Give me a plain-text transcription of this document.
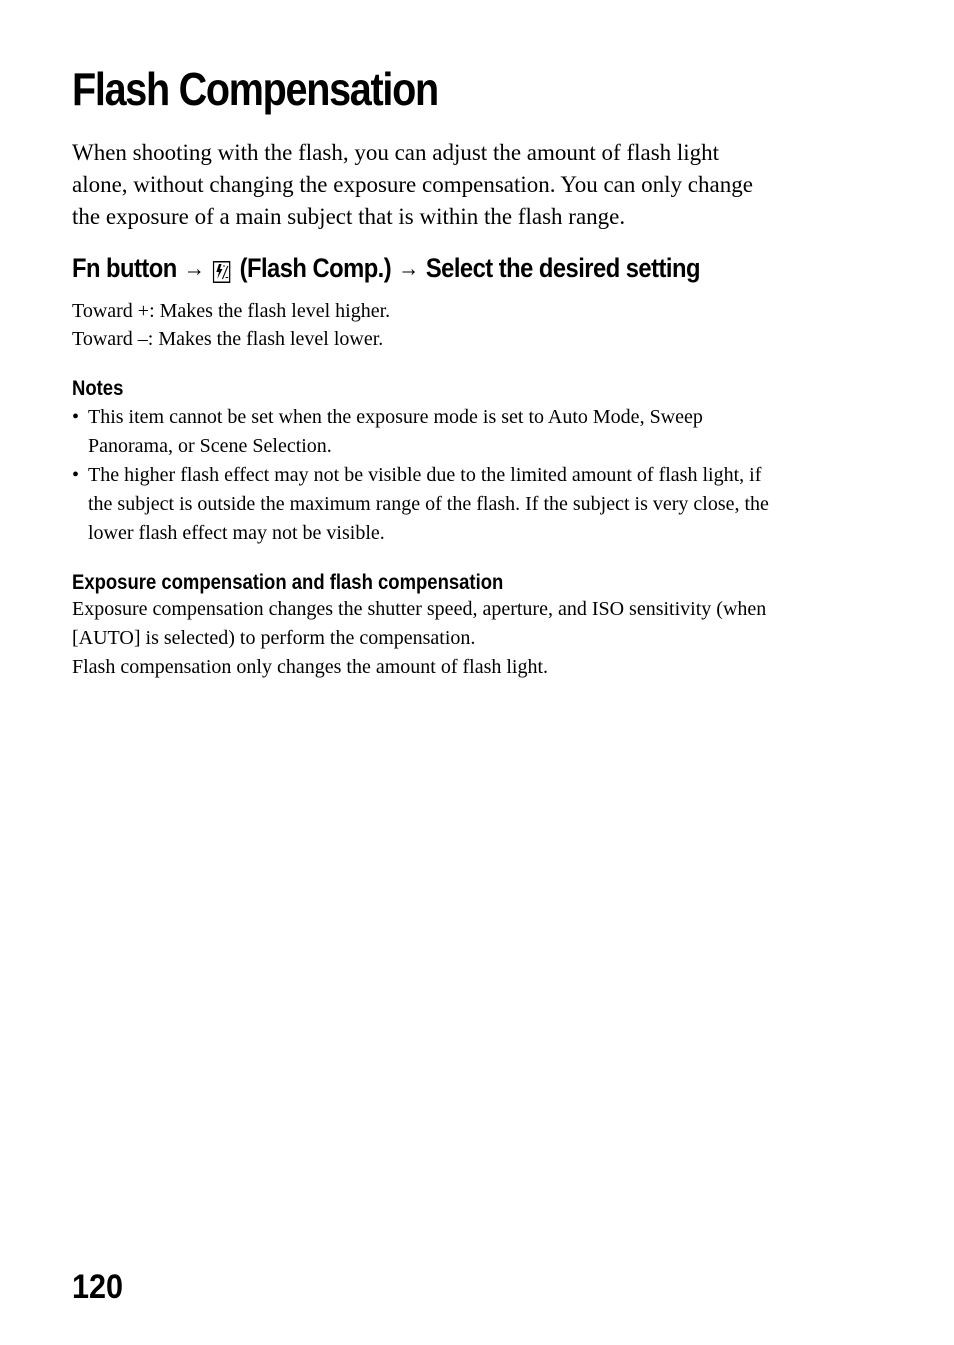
Flash Compensation

When shooting with the flash, you can adjust the amount of flash light
alone, without changing the exposure compensation. You can only change
the exposure of a main subject that is within the flash range.

Fn button → (Flash Comp.) → Select the desired setting

Toward +: Makes the flash level higher.
Toward –: Makes the flash level lower.

Notes
• This item cannot be set when the exposure mode is set to Auto Mode, Sweep
Panorama, or Scene Selection.
• The higher flash effect may not be visible due to the limited amount of flash light, if
the subject is outside the maximum range of the flash. If the subject is very close, the
lower flash effect may not be visible.
Exposure compensation and flash compensation

Exposure compensation changes the shutter speed, aperture, and ISO sensitivity (when
[AUTO] is selected) to perform the compensation.
Flash compensation only changes the amount of flash light.

120
